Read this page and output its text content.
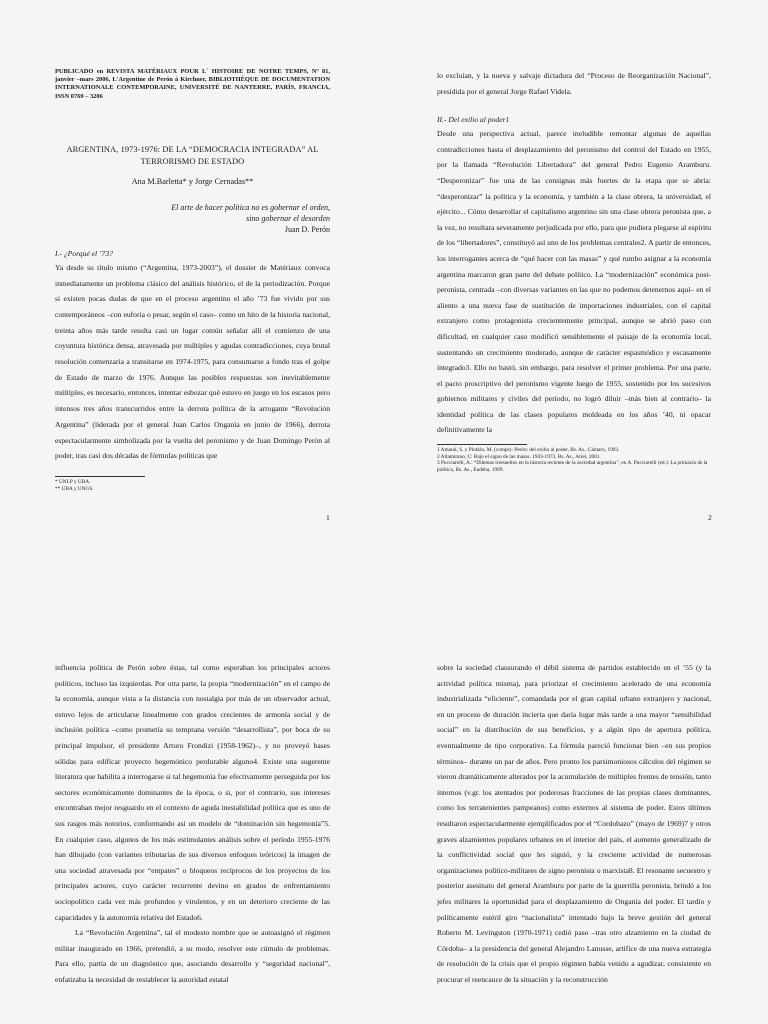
PUBLICADO en REVISTA MATÉRIAUX POUR L´ HISTOIRE DE NOTRE TEMPS, Nº 81, janvier –mars 2006, L'Argentine de Perón à Kirchner, BIBLIOTHÈQUE DE DOCUMENTATION INTERNATIONALE CONTEMPORAINE, UNIVERSITÉ DE NANTERRE, PARÍS, FRANCIA, ISSN 0769 – 3206
ARGENTINA, 1973-1976: DE LA “DEMOCRACIA INTEGRADA” AL TERRORISMO DE ESTADO
Ana M.Barletta* y Jorge Cernadas**
El arte de hacer política no es gobernar el orden,
sino gobernar el desorden
Juan D. Perón
I.- ¿Porqué el ’73?
Ya desde su título mismo (“Argentina, 1973-2003”), el dossier de Matériaux convoca inmediatamente un problema clásico del análisis histórico, el de la periodización. Porque si existen pocas dudas de que en el proceso argentino el año ’73 fue vivido por sus contemporáneos –con euforia o pesar, según el caso– como un hito de la historia nacional, treinta años más tarde resulta casi un lugar común señalar allí el comienzo de una coyuntura histórica densa, atravesada por múltiples y agudas contradicciones, cuya brutal resolución comenzaría a transitarse en 1974-1975, para consumarse a fondo tras el golpe de Estado de marzo de 1976. Aunque las posibles respuestas son inevitablemente múltiples, es necesario, entonces, intentar esbozar qué estuvo en juego en los escasos pero intensos tres años transcurridos entre la derrota política de la arrogante “Revolución Argentina” (liderada por el general Juan Carlos Onganía en junio de 1966), derrota espectacularmente simbolizada por la vuelta del peronismo y de Juan Domingo Perón al poder, tras casi dos décadas de fórmulas políticas que
* UNLP y UBA.
** UBA y UNGS.
1
lo excluían, y la nueva y salvaje dictadura del “Proceso de Reorganización Nacional”, presidida por el general Jorge Rafael Videla.
II.- Del exilio al poder1
Desde una perspectiva actual, parece ineludible remontar algunas de aquellas contradicciones hasta el desplazamiento del peronismo del control del Estado en 1955, por la llamada “Revolución Libertadora” del general Pedro Eugenio Aramburu. “Desperonizar” fue una de las consignas más fuertes de la etapa que se abría: “desperonizar” la política y la economía, y también a la clase obrera, la universidad, el ejército... Cómo desarrollar el capitalismo argentino sin una clase obrera peronista que, a la vez, no resultara severamente perjudicada por ello, para que pudiera plegarse al espíritu de los “libertadores”, constituyó así uno de los problemas centrales2. A partir de entonces, los interrogantes acerca de “qué hacer con las masas” y qué rumbo asignar a la economía argentina marcaron gran parte del debate político. La “modernización” económica post-peronista, centrada –con diversas variantes en las que no podemos detenernos aquí– en el aliento a una nueva fase de sustitución de importaciones industriales, con el capital extranjero como protagonista crecientemente principal, aunque se abrió paso con dificultad, en cualquier caso modificó sensiblemente el paisaje de la economía local, sustentando un crecimiento moderado, aunque de carácter espasmódico y escasamente integrado3. Ello no bastó, sin embargo, para resolver el primer problema. Por una parte, el pacto proscriptivo del peronismo vigente luego de 1955, sostenido por los sucesivos gobiernos militares y civiles del período, no logró diluir –más bien al contrario– la identidad política de las clases populares moldeada en los años ’40, ni opacar definitivamente la
1 Amaral, S. y Plotkin, M. (comps): Perón: del exilio al poder, Bs. As., Cántaro, 1993.
2 Altamirano, C: Bajo el signo de las masas. 1943-1973, Bs. As., Ariel, 2001.
3 Pucciarelli, A.: “Dilemas irresueltos en la historia reciente de la sociedad argentina”, en A. Pucciarelli (ed.): La primacía de la política, Bs. As., Eudeba, 1999.
2
influencia política de Perón sobre éstas, tal como esperaban los principales actores políticos, incluso las izquierdas. Por otra parte, la propia “modernización” en el campo de la economía, aunque vista a la distancia con nostalgia por más de un observador actual, estuvo lejos de articularse linealmente con grados crecientes de armonía social y de inclusión política –como prometía su temprana versión “desarrollista”, por boca de su principal impulsor, el presidente Arturo Frondizi (1958-1962)–, y no proveyó bases sólidas para edificar proyecto hegemónico perdurable alguno4. Existe una sugerente literatura que habilita a interrogarse si tal hegemonía fue efectivamente perseguida por los sectores económicamente dominantes de la época, o si, por el contrario, sus intereses encontraban mejor resguardo en el contexto de aguda inestabilidad política que es uno de sus rasgos más notorios, conformando así un modelo de “dominación sin hegemonía”5. En cualquier caso, algunos de los más estimulantes análisis sobre el período 1955-1976 han dibujado (con variantes tributarias de sus diversos enfoques teóricos) la imagen de una sociedad atravesada por “empates” o bloqueos recíprocos de los proyectos de los principales actores, cuyo carácter recurrente devino en grados de enfrentamiento sociopolítico cada vez más profundos y virulentos, y en un deterioro creciente de las capacidades y la autonomía relativa del Estado6.
La “Revolución Argentina”, tal el modesto nombre que se autoasignó el régimen militar inaugurado en 1966, pretendió, a su modo, resolver este cúmulo de problemas. Para ello, partía de un diagnóstico que, asociando desarrollo y “seguridad nacional”, enfatizaba la necesidad de restablecer la autoridad estatal
sobre la sociedad clausurando el débil sistema de partidos establecido en el ’55 (y la actividad política misma), para priorizar el crecimiento acelerado de una economía industrializada “eficiente”, comandada por el gran capital urbano extranjero y nacional, en un proceso de duración incierta que daría lugar más tarde a una mayor “sensibilidad social” en la distribución de sus beneficios, y a algún tipo de apertura política, eventualmente de tipo corporativo. La fórmula pareció funcionar bien –en sus propios términos– durante un par de años. Pero pronto los parsimoniosos cálculos del régimen se vieron dramáticamente alterados por la acumulación de múltiples frentes de tensión, tanto internos (v.gr. los atentados por poderosas fracciones de las propias clases dominantes, como los terratenientes pampeanos) como externos al sistema de poder. Estos últimos resultaron espectacularmente ejemplificados por el “Cordobazo” (mayo de 1969)7 y otros graves alzamientos populares urbanos en el interior del país, el aumento generalizado de la conflictividad social que les siguió, y la creciente actividad de numerosas organizaciones político-militares de signo peronista o marxista8. El resonante secuestro y posterior asesinato del general Aramburu por parte de la guerrilla peronista, brindó a los jefes militares la oportunidad para el desplazamiento de Onganía del poder. El tardío y políticamente estéril giro “nacionalista” intentado bajo la breve gestión del general Roberto M. Levingston (1970-1971) cedió paso –tras otro alzamiento en la ciudad de Córdoba– a la presidencia del general Alejandro Lanusse, artífice de una nueva estrategia de resolución de la crisis que el propio régimen había venido a agudizar, consistente en procurar el reencauce de la situación y la reconstrucción
